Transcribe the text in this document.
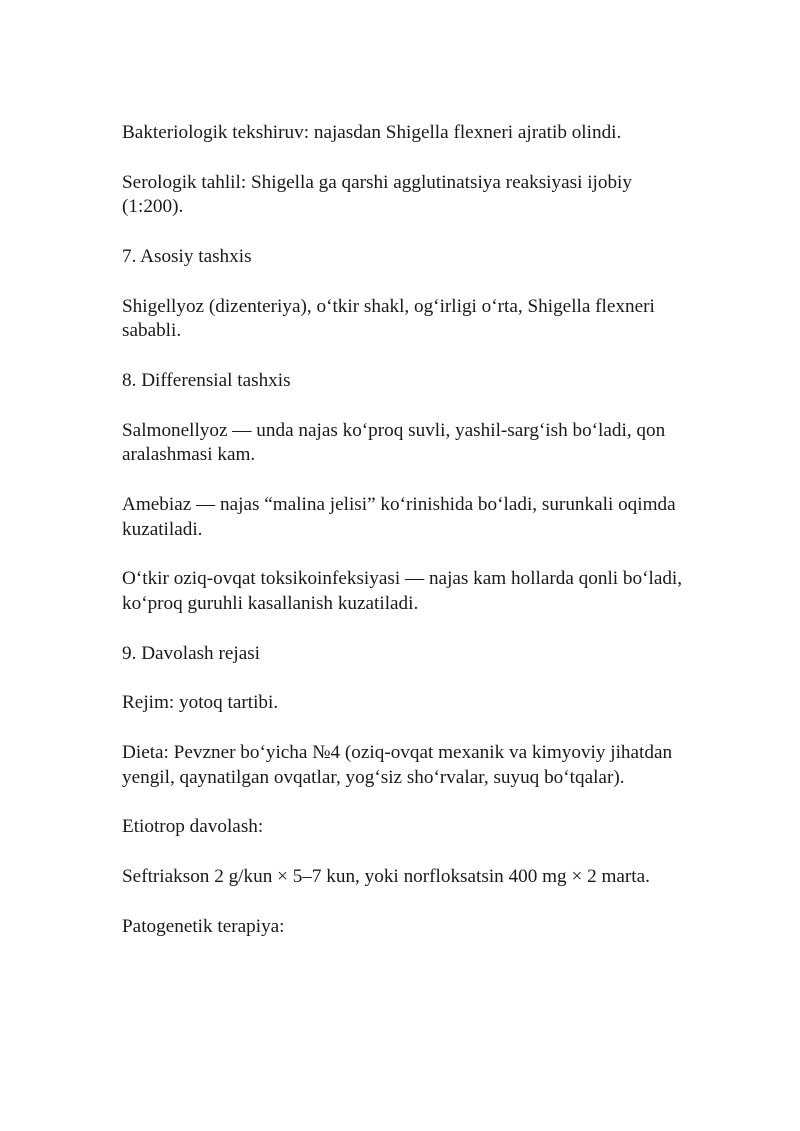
Bakteriologik tekshiruv: najasdan Shigella flexneri ajratib olindi.

Serologik tahlil: Shigella ga qarshi agglutinatsiya reaksiyasi ijobiy (1:200).

7. Asosiy tashxis

Shigellyoz (dizenteriya), o‘tkir shakl, og‘irligi o‘rta, Shigella flexneri sababli.

8. Differensial tashxis

Salmonellyoz — unda najas ko‘proq suvli, yashil-sarg‘ish bo‘ladi, qon aralashmasi kam.

Amebiaz — najas “malina jelisi” ko‘rinishida bo‘ladi, surunkali oqimda kuzatiladi.

O‘tkir oziq-ovqat toksikoinfeksiyasi — najas kam hollarda qonli bo‘ladi, ko‘proq guruhli kasallanish kuzatiladi.

9. Davolash rejasi

Rejim: yotoq tartibi.

Dieta: Pevzner bo‘yicha №4 (oziq-ovqat mexanik va kimyoviy jihatdan yengil, qaynatilgan ovqatlar, yog‘siz sho‘rvalar, suyuq bo‘tqalar).

Etiotrop davolash:

Seftriakson 2 g/kun × 5–7 kun, yoki norfloksatsin 400 mg × 2 marta.

Patogenetik terapiya:
